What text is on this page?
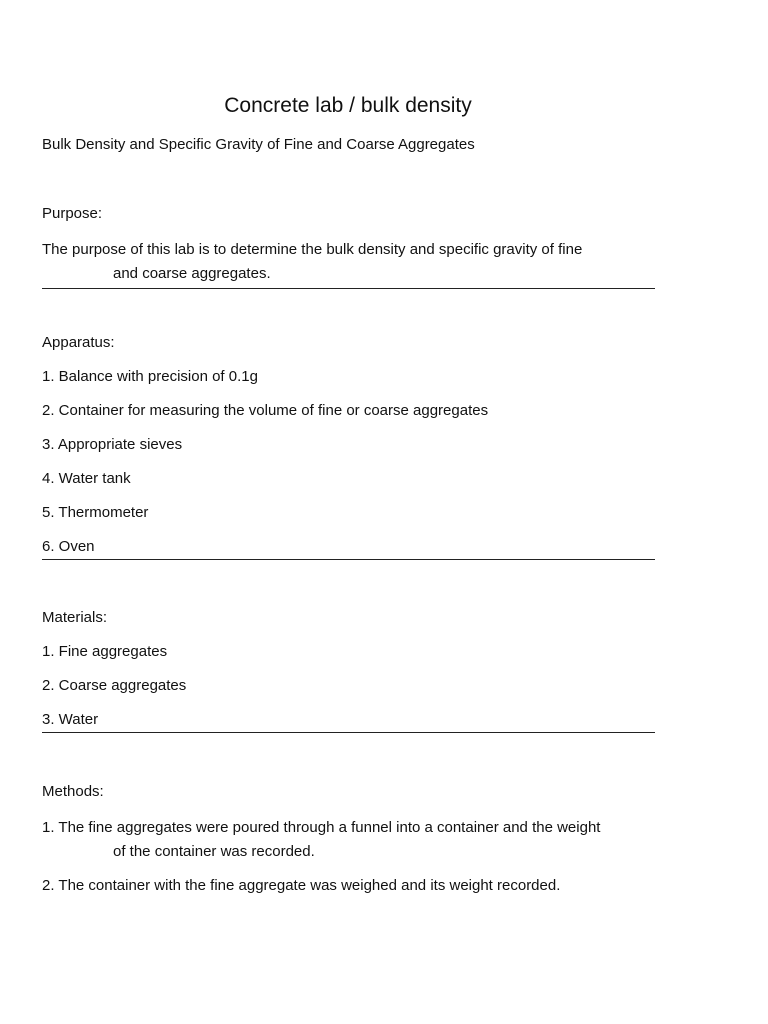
Concrete lab / bulk density

Bulk Density and Specific Gravity of Fine and Coarse Aggregates

Purpose:

The purpose of this lab is to determine the bulk density and specific gravity of fine
and coarse aggregates.

Apparatus:

1. Balance with precision of 0.1g
2. Container for measuring the volume of fine or coarse aggregates
3. Appropriate sieves
4. Water tank
5. Thermometer
6. Oven

Materials:

1. Fine aggregates
2. Coarse aggregates
3. Water

Methods:

1. The fine aggregates were poured through a funnel into a container and the weight
of the container was recorded.

2. The container with the fine aggregate was weighed and its weight recorded.
